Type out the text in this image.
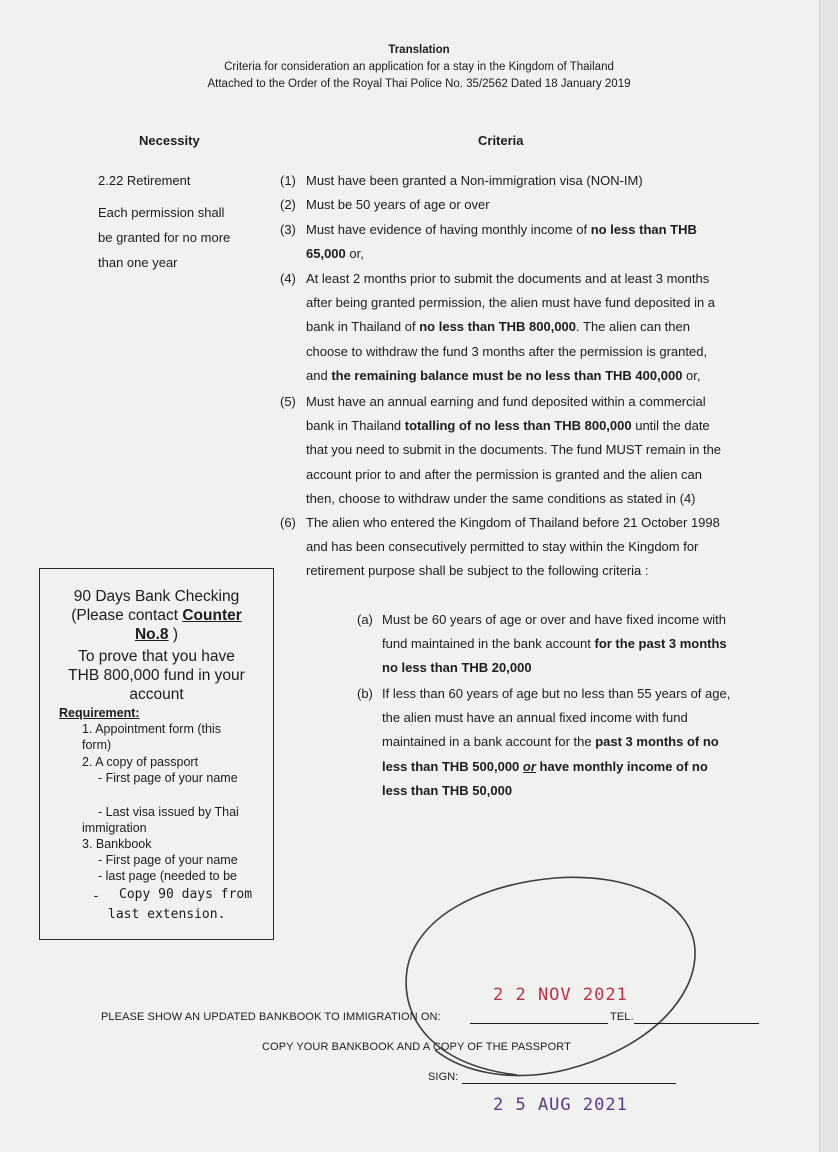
Translation
Criteria for consideration an application for a stay in the Kingdom of Thailand
Attached to the Order of the Royal Thai Police No. 35/2562 Dated 18 January 2019
Necessity	Criteria
2.22 Retirement
Each permission shall
be granted for no more
than one year
(1) Must have been granted a Non-immigration visa (NON-IM)
(2) Must be 50 years of age or over
(3) Must have evidence of having monthly income of no less than THB
65,000 or,
(4) At least 2 months prior to submit the documents and at least 3 months
after being granted permission, the alien must have fund deposited in a
bank in Thailand of no less than THB 800,000. The alien can then
choose to withdraw the fund 3 months after the permission is granted,
and the remaining balance must be no less than THB 400,000 or,
(5) Must have an annual earning and fund deposited within a commercial
bank in Thailand totalling of no less than THB 800,000 until the date
that you need to submit in the documents. The fund MUST remain in the
account prior to and after the permission is granted and the alien can
then, choose to withdraw under the same conditions as stated in (4)
(6) The alien who entered the Kingdom of Thailand before 21 October 1998
and has been consecutively permitted to stay within the Kingdom for
retirement purpose shall be subject to the following criteria :
(a) Must be 60 years of age or over and have fixed income with
fund maintained in the bank account for the past 3 months
no less than THB 20,000
(b) If less than 60 years of age but no less than 55 years of age,
the alien must have an annual fixed income with fund
maintained in a bank account for the past 3 months of no
less than THB 500,000 or have monthly income of no
less than THB 50,000
90 Days Bank Checking
(Please contact Counter
No.8 )
To prove that you have
THB 800,000 fund in your
account
Requirement:
1. Appointment form (this
form)
2. A copy of passport
- First page of your name
- Last visa issued by Thai
immigration
3. Bankbook
- First page of your name
- last page (needed to be
- Copy 90 days from
last extension.
PLEASE SHOW AN UPDATED BANKBOOK TO IMMIGRATION ON:	TEL.
COPY YOUR BANKBOOK AND A COPY OF THE PASSPORT
SIGN:
2 2 NOV 2021
2 5 AUG 2021
